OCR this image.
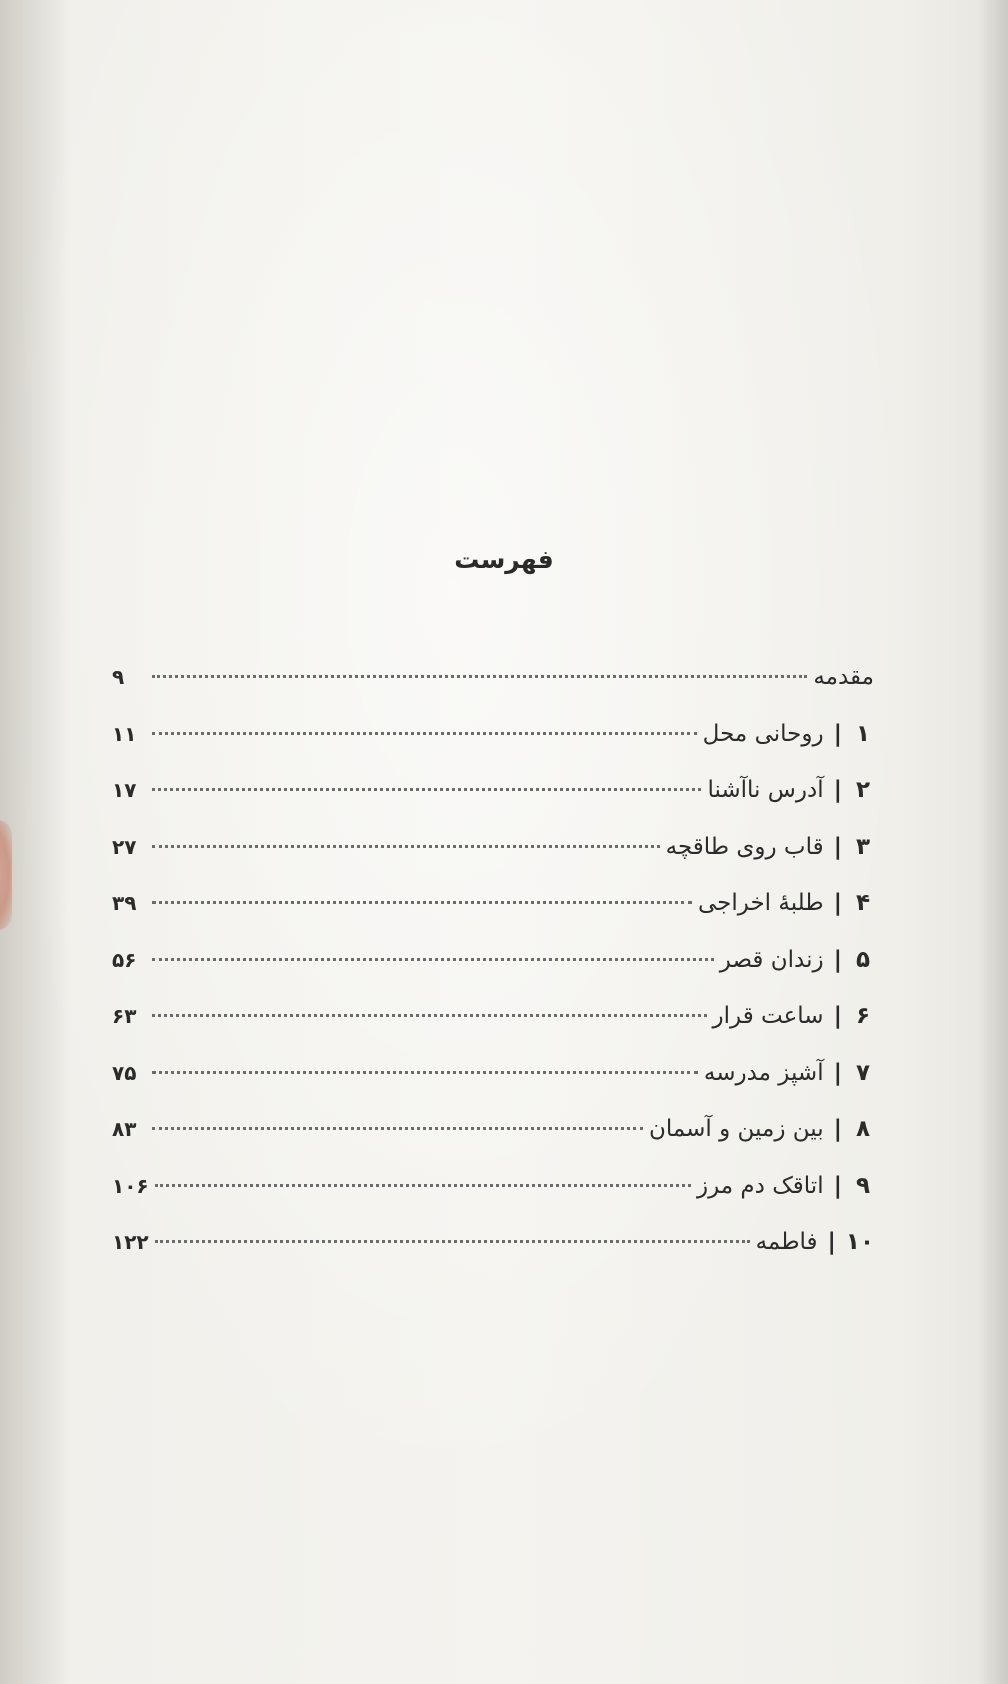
فهرست
مقدمه
۹
۱
|
روحانی محل
۱۱
۲
|
آدرس ناآشنا
۱۷
۳
|
قاب روی طاقچه
۲۷
۴
|
طلبهٔ اخراجی
۳۹
۵
|
زندان قصر
۵۶
۶
|
ساعت قرار
۶۳
۷
|
آشپز مدرسه
۷۵
۸
|
بین زمین و آسمان
۸۳
۹
|
اتاقک دم مرز
۱۰۶
۱۰
|
فاطمه
۱۲۲
